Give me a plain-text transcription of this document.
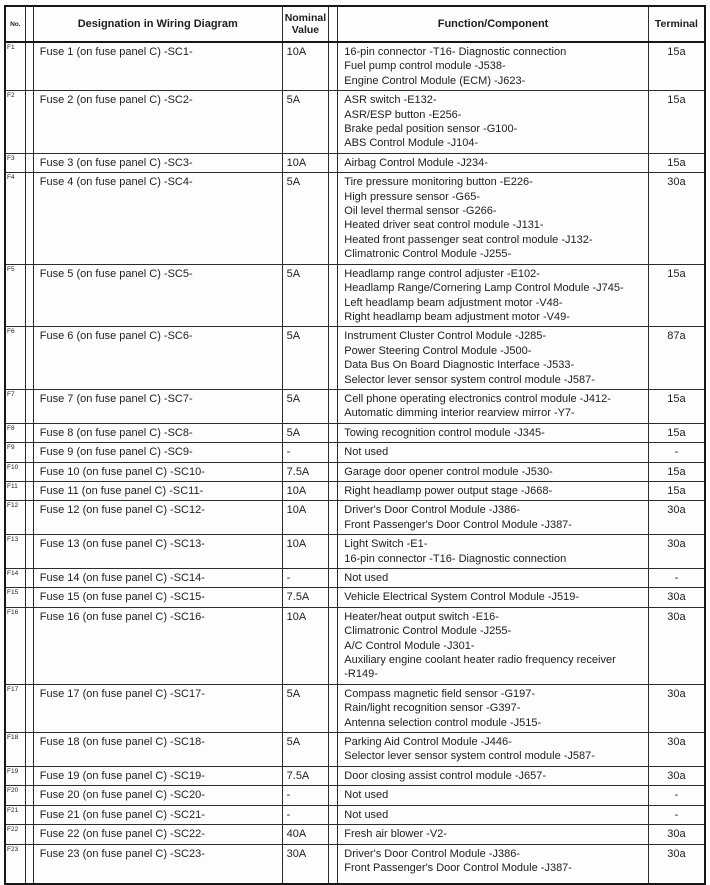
No.		Designation in Wiring Diagram	Nominal Value		Function/Component	Terminal
F1		Fuse 1 (on fuse panel C) -SC1-	10A		16-pin connector -T16- Diagnostic connection
Fuel pump control module -J538-
Engine Control Module (ECM) -J623-	15a
F2		Fuse 2 (on fuse panel C) -SC2-	5A		ASR switch -E132-
ASR/ESP button -E256-
Brake pedal position sensor -G100-
ABS Control Module -J104-	15a
F3		Fuse 3 (on fuse panel C) -SC3-	10A		Airbag Control Module -J234-	15a
F4		Fuse 4 (on fuse panel C) -SC4-	5A		Tire pressure monitoring button -E226-
High pressure sensor -G65-
Oil level thermal sensor -G266-
Heated driver seat control module -J131-
Heated front passenger seat control module -J132-
Climatronic Control Module -J255-
	30a
F5		Fuse 5 (on fuse panel C) -SC5-	5A		Headlamp range control adjuster -E102-
Headlamp Range/Cornering Lamp Control Module -J745-
Left headlamp beam adjustment motor -V48-
Right headlamp beam adjustment motor -V49-	15a
F6		Fuse 6 (on fuse panel C) -SC6-	5A		Instrument Cluster Control Module -J285-
Power Steering Control Module -J500-
Data Bus On Board Diagnostic Interface -J533-
Selector lever sensor system control module -J587-	87a
F7		Fuse 7 (on fuse panel C) -SC7-	5A		Cell phone operating electronics control module -J412-
Automatic dimming interior rearview mirror -Y7-	15a
F8		Fuse 8 (on fuse panel C) -SC8-	5A		Towing recognition control module -J345-	15a
F9		Fuse 9 (on fuse panel C) -SC9-	-		Not used	-
F10		Fuse 10 (on fuse panel C) -SC10-	7.5A		Garage door opener control module -J530-	15a
F11		Fuse 11 (on fuse panel C) -SC11-	10A		Right headlamp power output stage -J668-	15a
F12		Fuse 12 (on fuse panel C) -SC12-	10A		Driver's Door Control Module -J386-
Front Passenger's Door Control Module -J387-	30a
F13		Fuse 13 (on fuse panel C) -SC13-	10A		Light Switch -E1-
16-pin connector -T16- Diagnostic connection	30a
F14		Fuse 14 (on fuse panel C) -SC14-	-		Not used	-
F15		Fuse 15 (on fuse panel C) -SC15-	7.5A		Vehicle Electrical System Control Module -J519-	30a
F16		Fuse 16 (on fuse panel C) -SC16-	10A		Heater/heat output switch -E16-
Climatronic Control Module -J255-
A/C Control Module -J301-
Auxiliary engine coolant heater radio frequency receiver
-R149-	30a
F17		Fuse 17 (on fuse panel C) -SC17-	5A		Compass magnetic field sensor -G197-
Rain/light recognition sensor -G397-
Antenna selection control module -J515-	30a
F18		Fuse 18 (on fuse panel C) -SC18-	5A		Parking Aid Control Module -J446-
Selector lever sensor system control module -J587-	30a
F19		Fuse 19 (on fuse panel C) -SC19-	7.5A		Door closing assist control module -J657-	30a
F20		Fuse 20 (on fuse panel C) -SC20-	-		Not used	-
F21		Fuse 21 (on fuse panel C) -SC21-	-		Not used	-
F22		Fuse 22 (on fuse panel C) -SC22-	40A		Fresh air blower -V2-	30a
F23		Fuse 23 (on fuse panel C) -SC23-	30A		Driver's Door Control Module -J386-
Front Passenger's Door Control Module -J387-	30a
